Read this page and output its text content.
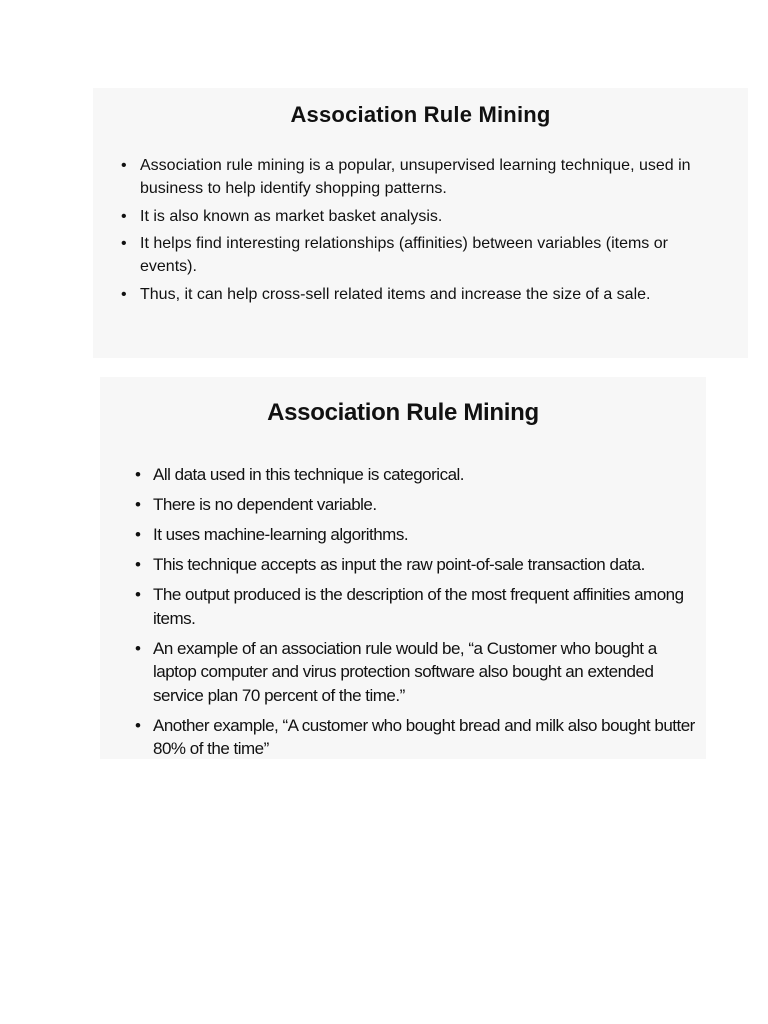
Association Rule Mining
• Association rule mining is a popular, unsupervised learning technique, used in business to help identify shopping patterns.
• It is also known as market basket analysis.
• It helps find interesting relationships (affinities) between variables (items or events).
• Thus, it can help cross-sell related items and increase the size of a sale.
Association Rule Mining
• All data used in this technique is categorical.
• There is no dependent variable.
• It uses machine-learning algorithms.
• This technique accepts as input the raw point-of-sale transaction data.
• The output produced is the description of the most frequent affinities among items.
• An example of an association rule would be, “a Customer who bought a laptop computer and virus protection software also bought an extended service plan 70 percent of the time.”
• Another example, “A customer who bought bread and milk also bought butter 80% of the time”
